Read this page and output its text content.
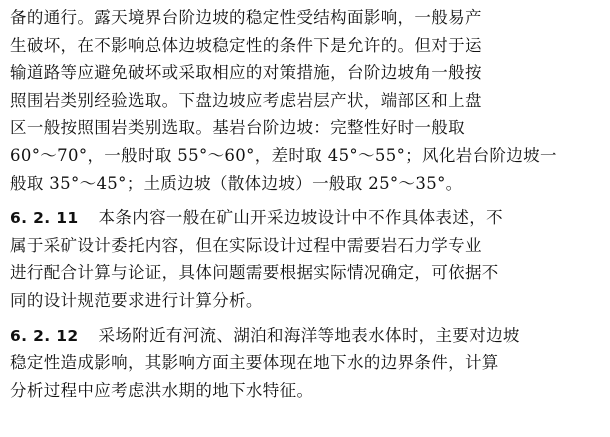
备的通行。露天境界台阶边坡的稳定性受结构面影响，一般易产
生破坏，在不影响总体边坡稳定性的条件下是允许的。但对于运
输道路等应避免破坏或采取相应的对策措施，台阶边坡角一般按
照围岩类别经验选取。下盘边坡应考虑岩层产状，端部区和上盘
区一般按照围岩类别选取。基岩台阶边坡：完整性好时一般取
60°～70°，一般时取 55°～60°，差时取 45°～55°；风化岩台阶边坡一
般取 35°～45°；土质边坡（散体边坡）一般取 25°～35°。
6. 2. 11 本条内容一般在矿山开采边坡设计中不作具体表述，不
属于采矿设计委托内容，但在实际设计过程中需要岩石力学专业
进行配合计算与论证，具体问题需要根据实际情况确定，可依据不
同的设计规范要求进行计算分析。
6. 2. 12 采场附近有河流、湖泊和海洋等地表水体时，主要对边坡
稳定性造成影响，其影响方面主要体现在地下水的边界条件，计算
分析过程中应考虑洪水期的地下水特征。
